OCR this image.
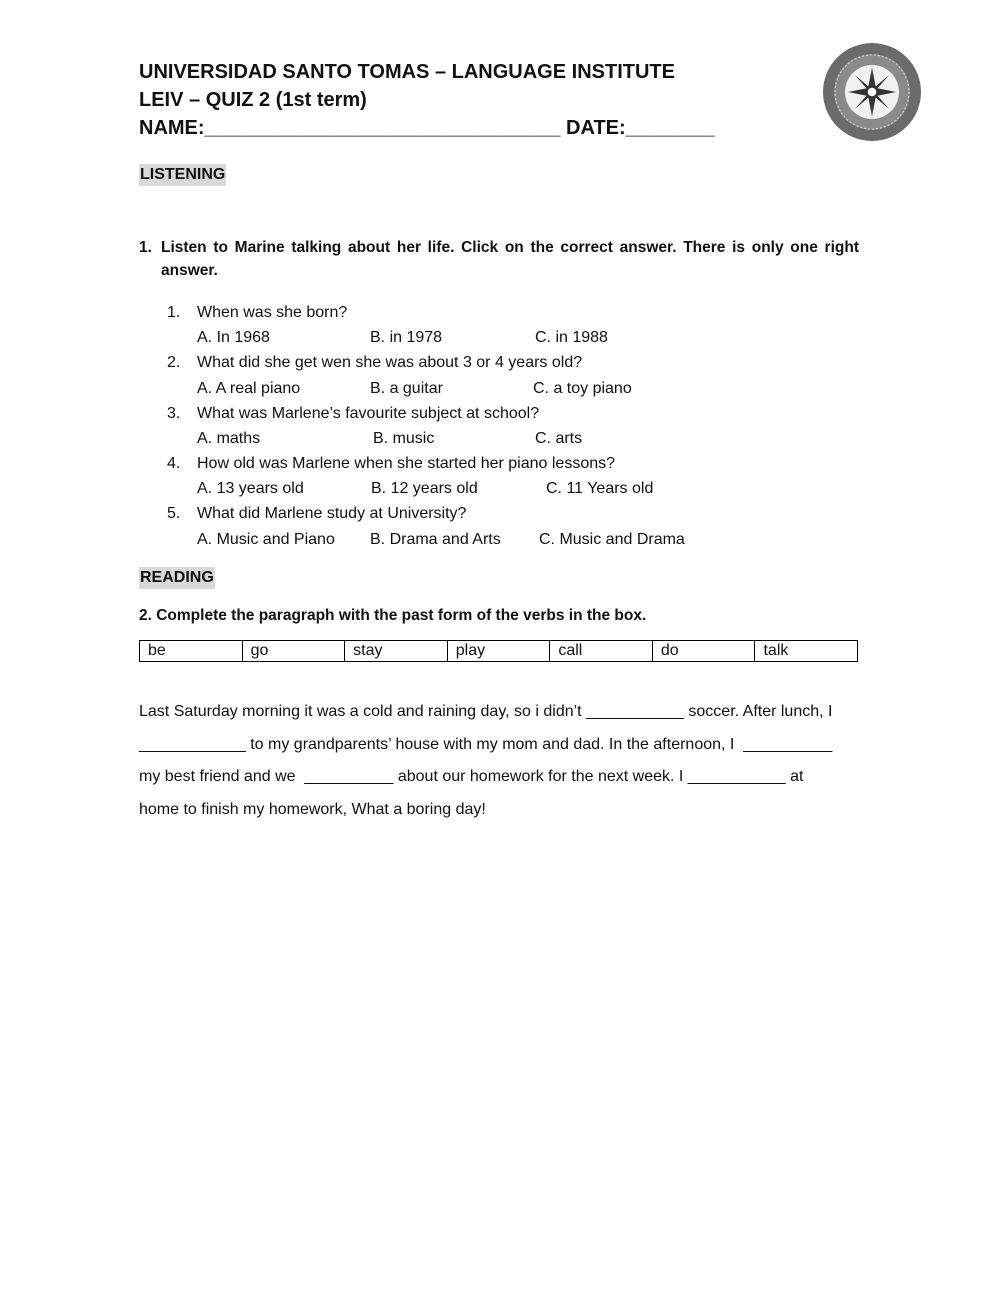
UNIVERSIDAD SANTO TOMAS – LANGUAGE INSTITUTE
LEIV – QUIZ 2 (1st term)
NAME:________________________________ DATE:________
LISTENING
1. Listen to Marine talking about her life. Click on the correct answer. There is only one right answer.
1.	When was she born?
A. In 1968	B. in 1978	C. in 1988
2.	What did she get wen she was about 3 or 4 years old?
A. A real piano	B. a guitar	C. a toy piano
3.	What was Marlene’s favourite subject at school?
A. maths	B. music	C. arts
4.	How old was Marlene when she started her piano lessons?
A. 13 years old	B. 12 years old	C. 11 Years old
5.	What did Marlene study at University?
A. Music and Piano B. Drama and Arts C. Music and Drama
READING
2. Complete the paragraph with the past form of the verbs in the box.
be	go	stay	play	call	do	talk
Last Saturday morning it was a cold and raining day, so i didn’t ___________ soccer. After lunch, I
____________ to my grandparents’ house with my mom and dad. In the afternoon, I  __________
my best friend and we  __________ about our homework for the next week. I ___________ at
home to finish my homework, What a boring day!
